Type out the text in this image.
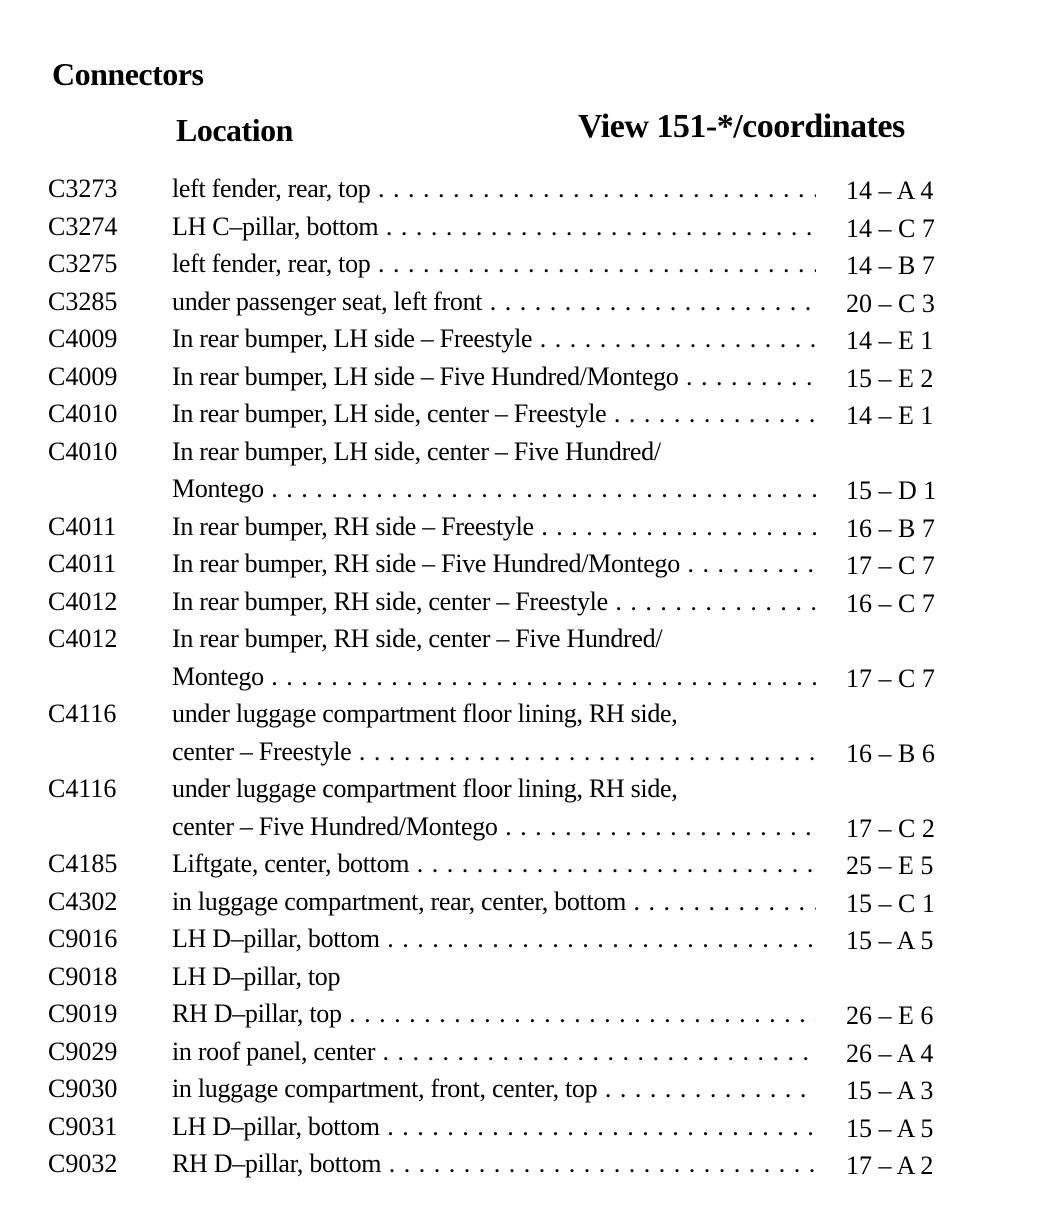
Connectors
Location	View 151-*/coordinates
C3273 left fender, rear, top . . .	14 – A 4
C3274 LH C–pillar, bottom . . .	14 – C 7
C3275 left fender, rear, top . . .	14 – B 7
C3285 under passenger seat, left front . . .	20 – C 3
C4009 In rear bumper, LH side – Freestyle . . .	14 – E 1
C4009 In rear bumper, LH side – Five Hundred/Montego . . .	15 – E 2
C4010 In rear bumper, LH side, center – Freestyle . . .	14 – E 1
C4010 In rear bumper, LH side, center – Five Hundred/
Montego . . .	15 – D 1
C4011 In rear bumper, RH side – Freestyle . . .	16 – B 7
C4011 In rear bumper, RH side – Five Hundred/Montego . . .	17 – C 7
C4012 In rear bumper, RH side, center – Freestyle . . .	16 – C 7
C4012 In rear bumper, RH side, center – Five Hundred/
Montego . . .	17 – C 7
C4116 under luggage compartment floor lining, RH side,
center – Freestyle . . .	16 – B 6
C4116 under luggage compartment floor lining, RH side,
center – Five Hundred/Montego . . .	17 – C 2
C4185 Liftgate, center, bottom . . .	25 – E 5
C4302 in luggage compartment, rear, center, bottom . . .	15 – C 1
C9016 LH D–pillar, bottom . . .	15 – A 5
C9018 LH D–pillar, top
C9019 RH D–pillar, top . . .	26 – E 6
C9029 in roof panel, center . . .	26 – A 4
C9030 in luggage compartment, front, center, top . . .	15 – A 3
C9031 LH D–pillar, bottom . . .	15 – A 5
C9032 RH D–pillar, bottom . . .	17 – A 2
